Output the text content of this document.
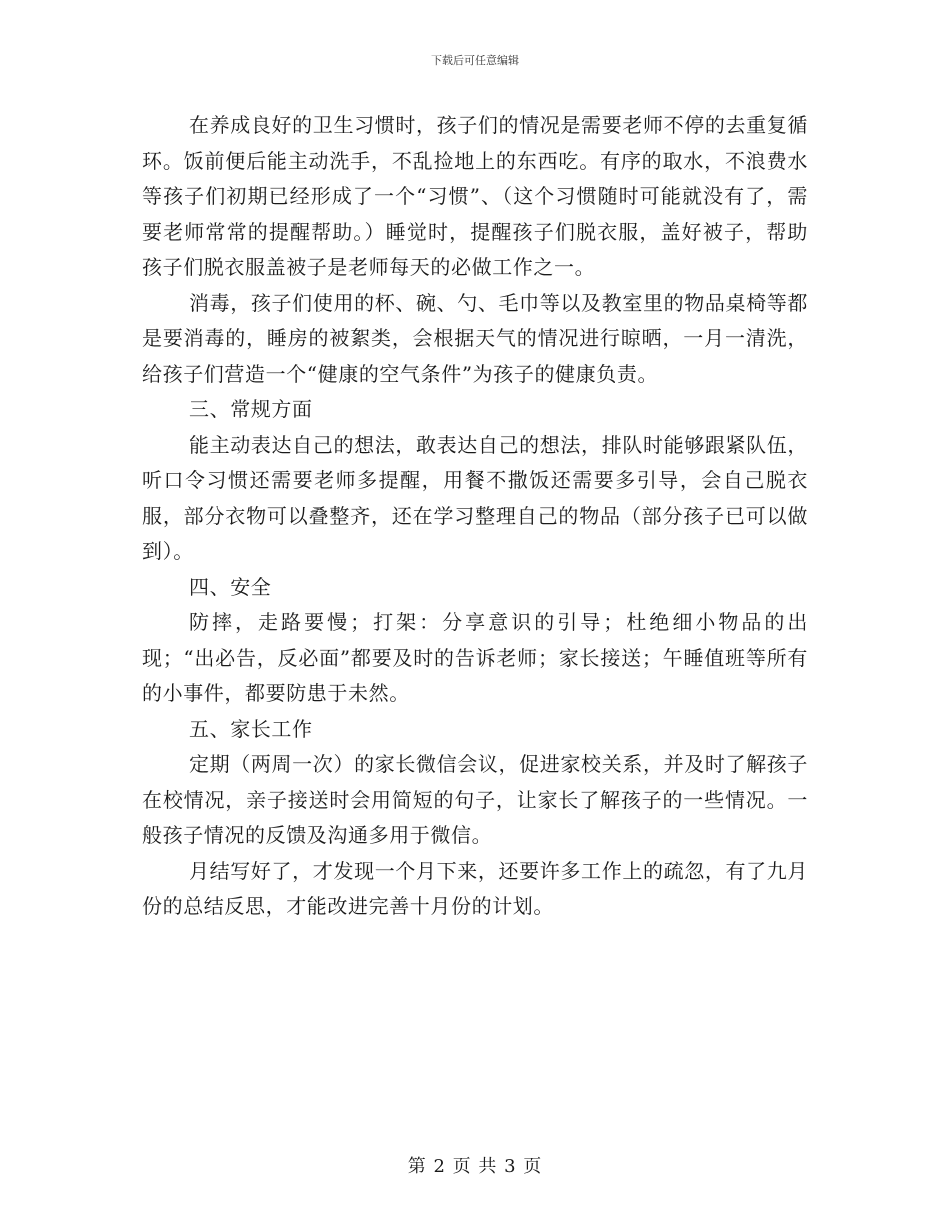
下载后可任意编辑

在养成良好的卫生习惯时，孩子们的情况是需要老师不停的去重复循环。饭前便后能主动洗手，不乱捡地上的东西吃。有序的取水，不浪费水等孩子们初期已经形成了一个“习惯”、（这个习惯随时可能就没有了，需要老师常常的提醒帮助。）睡觉时，提醒孩子们脱衣服，盖好被子，帮助孩子们脱衣服盖被子是老师每天的必做工作之一。

消毒，孩子们使用的杯、碗、勺、毛巾等以及教室里的物品桌椅等都是要消毒的，睡房的被絮类，会根据天气的情况进行晾晒，一月一清洗，给孩子们营造一个“健康的空气条件”为孩子的健康负责。

三、常规方面

能主动表达自己的想法，敢表达自己的想法，排队时能够跟紧队伍，听口令习惯还需要老师多提醒，用餐不撒饭还需要多引导，会自己脱衣服，部分衣物可以叠整齐，还在学习整理自己的物品（部分孩子已可以做到）。

四、安全

防摔，走路要慢；打架：分享意识的引导；杜绝细小物品的出现；“出必告，反必面”都要及时的告诉老师；家长接送；午睡值班等所有的小事件，都要防患于未然。

五、家长工作

定期（两周一次）的家长微信会议，促进家校关系，并及时了解孩子在校情况，亲子接送时会用简短的句子，让家长了解孩子的一些情况。一般孩子情况的反馈及沟通多用于微信。

月结写好了，才发现一个月下来，还要许多工作上的疏忽，有了九月份的总结反思，才能改进完善十月份的计划。

第 2 页 共 3 页
